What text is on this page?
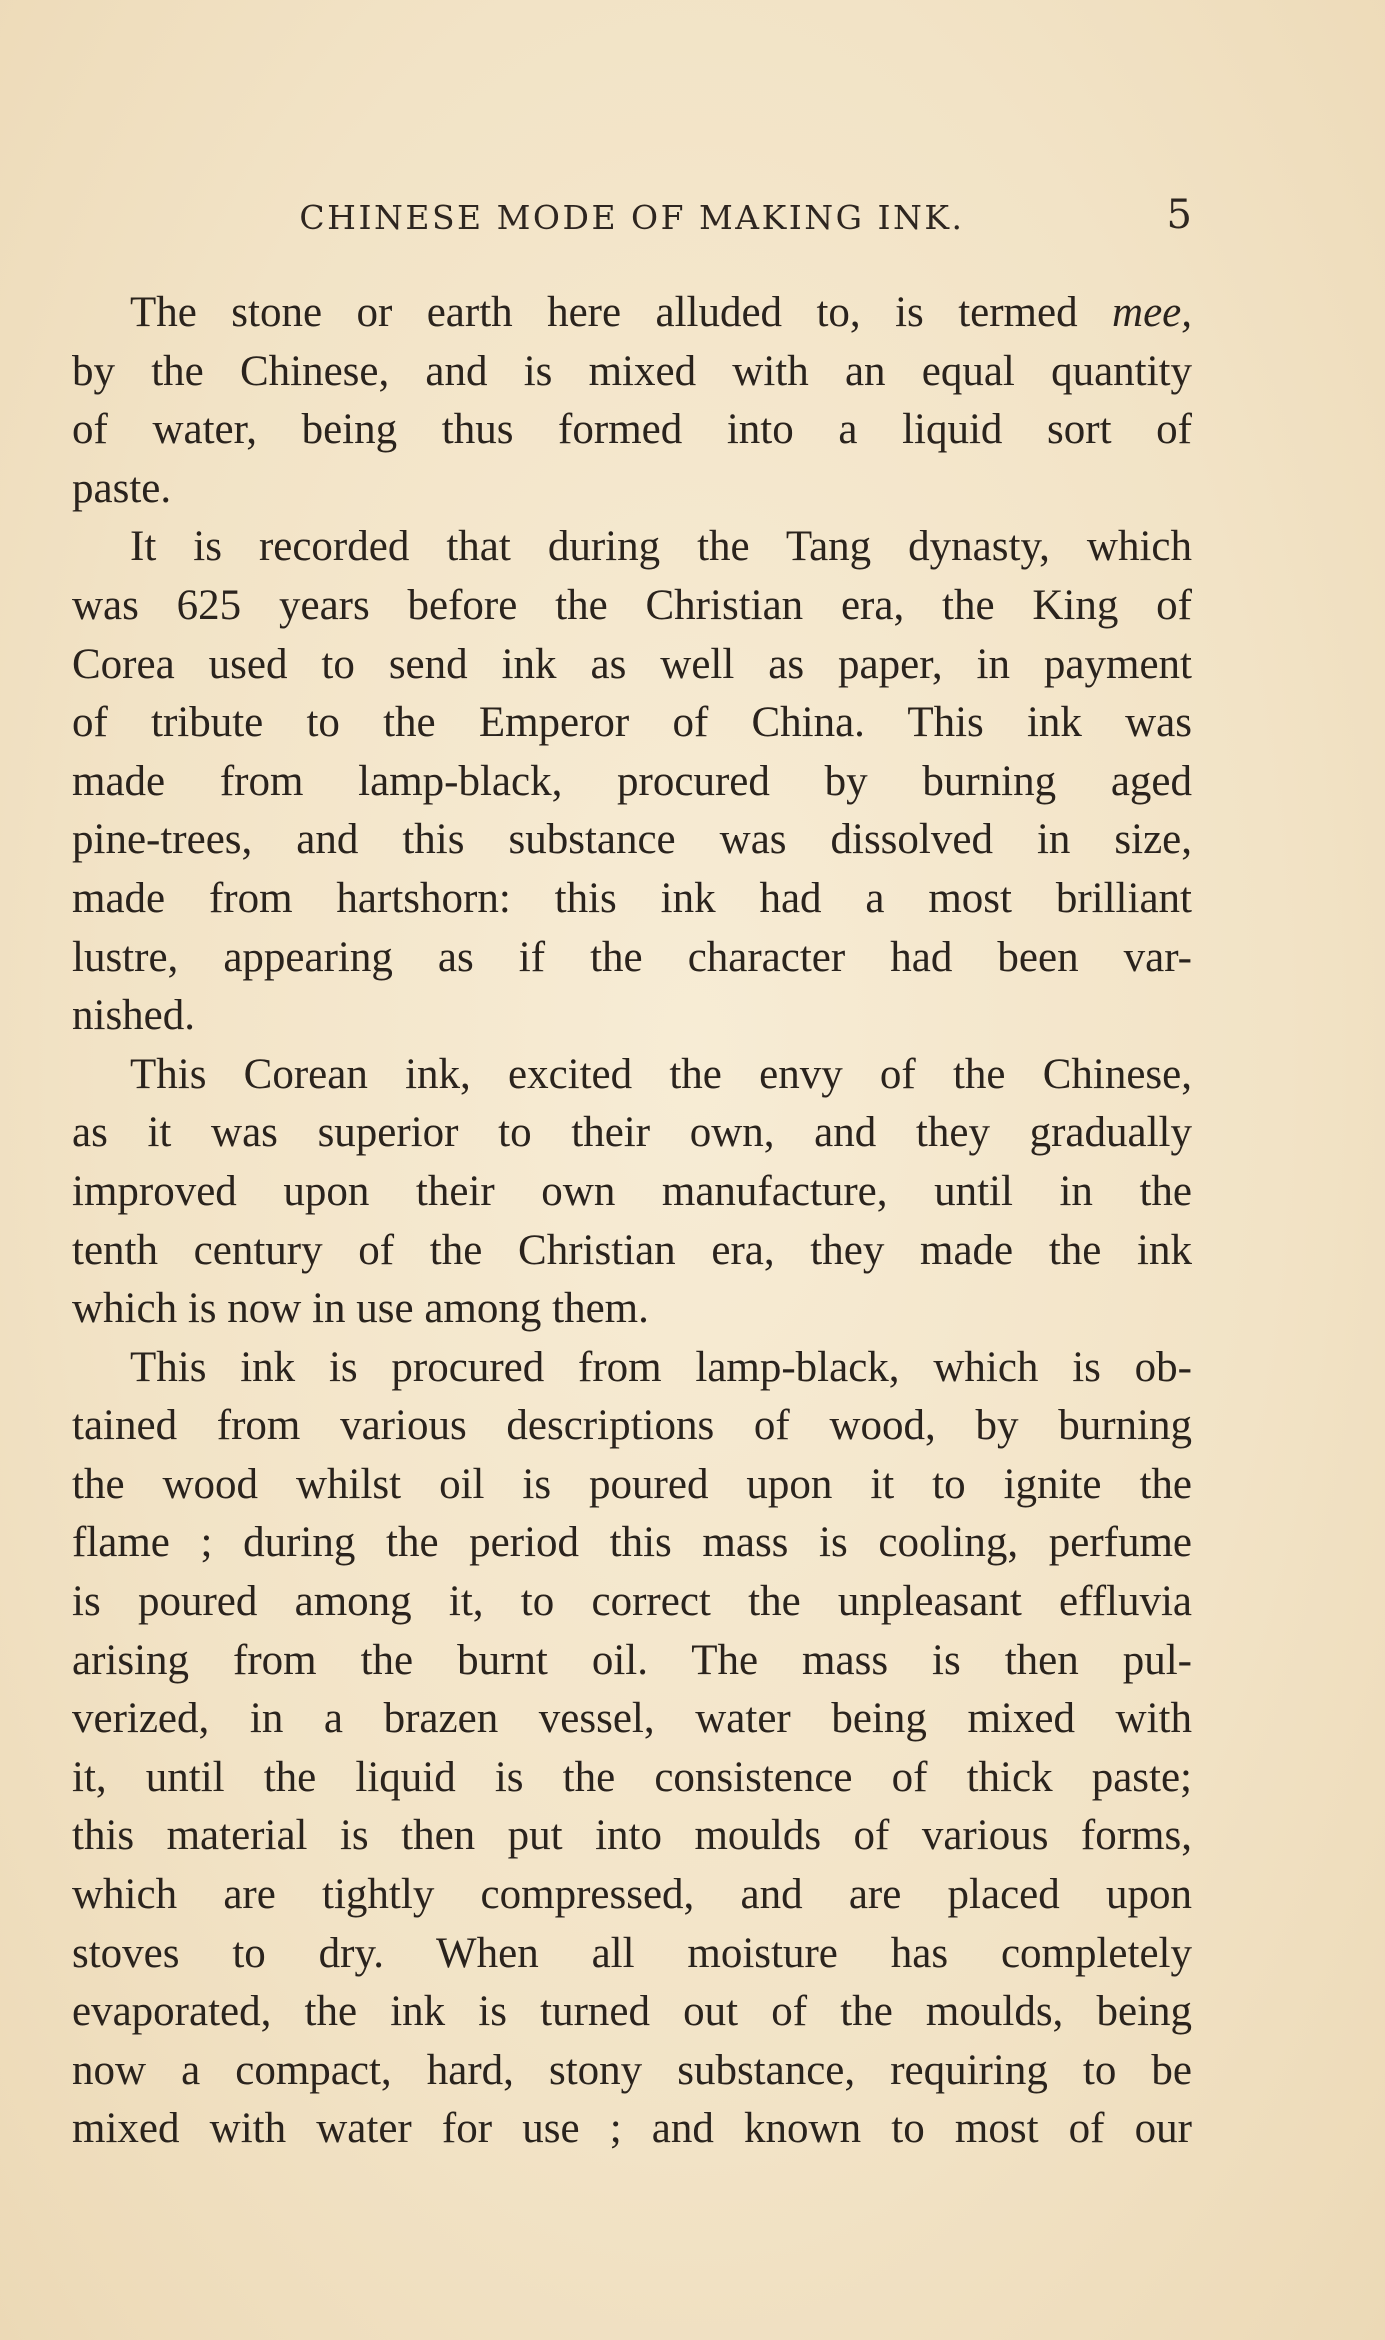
CHINESE MODE OF MAKING INK.	5
The stone or earth here alluded to, is termed mee,
by the Chinese, and is mixed with an equal quantity
of water, being thus formed into a liquid sort of
paste.
It is recorded that during the Tang dynasty, which
was 625 years before the Christian era, the King of
Corea used to send ink as well as paper, in payment
of tribute to the Emperor of China. This ink was
made from lamp-black, procured by burning aged
pine-trees, and this substance was dissolved in size,
made from hartshorn: this ink had a most brilliant
lustre, appearing as if the character had been var-
nished.
This Corean ink, excited the envy of the Chinese,
as it was superior to their own, and they gradually
improved upon their own manufacture, until in the
tenth century of the Christian era, they made the ink
which is now in use among them.
This ink is procured from lamp-black, which is ob-
tained from various descriptions of wood, by burning
the wood whilst oil is poured upon it to ignite the
flame ; during the period this mass is cooling, perfume
is poured among it, to correct the unpleasant effluvia
arising from the burnt oil. The mass is then pul-
verized, in a brazen vessel, water being mixed with
it, until the liquid is the consistence of thick paste;
this material is then put into moulds of various forms,
which are tightly compressed, and are placed upon
stoves to dry. When all moisture has completely
evaporated, the ink is turned out of the moulds, being
now a compact, hard, stony substance, requiring to be
mixed with water for use ; and known to most of our
